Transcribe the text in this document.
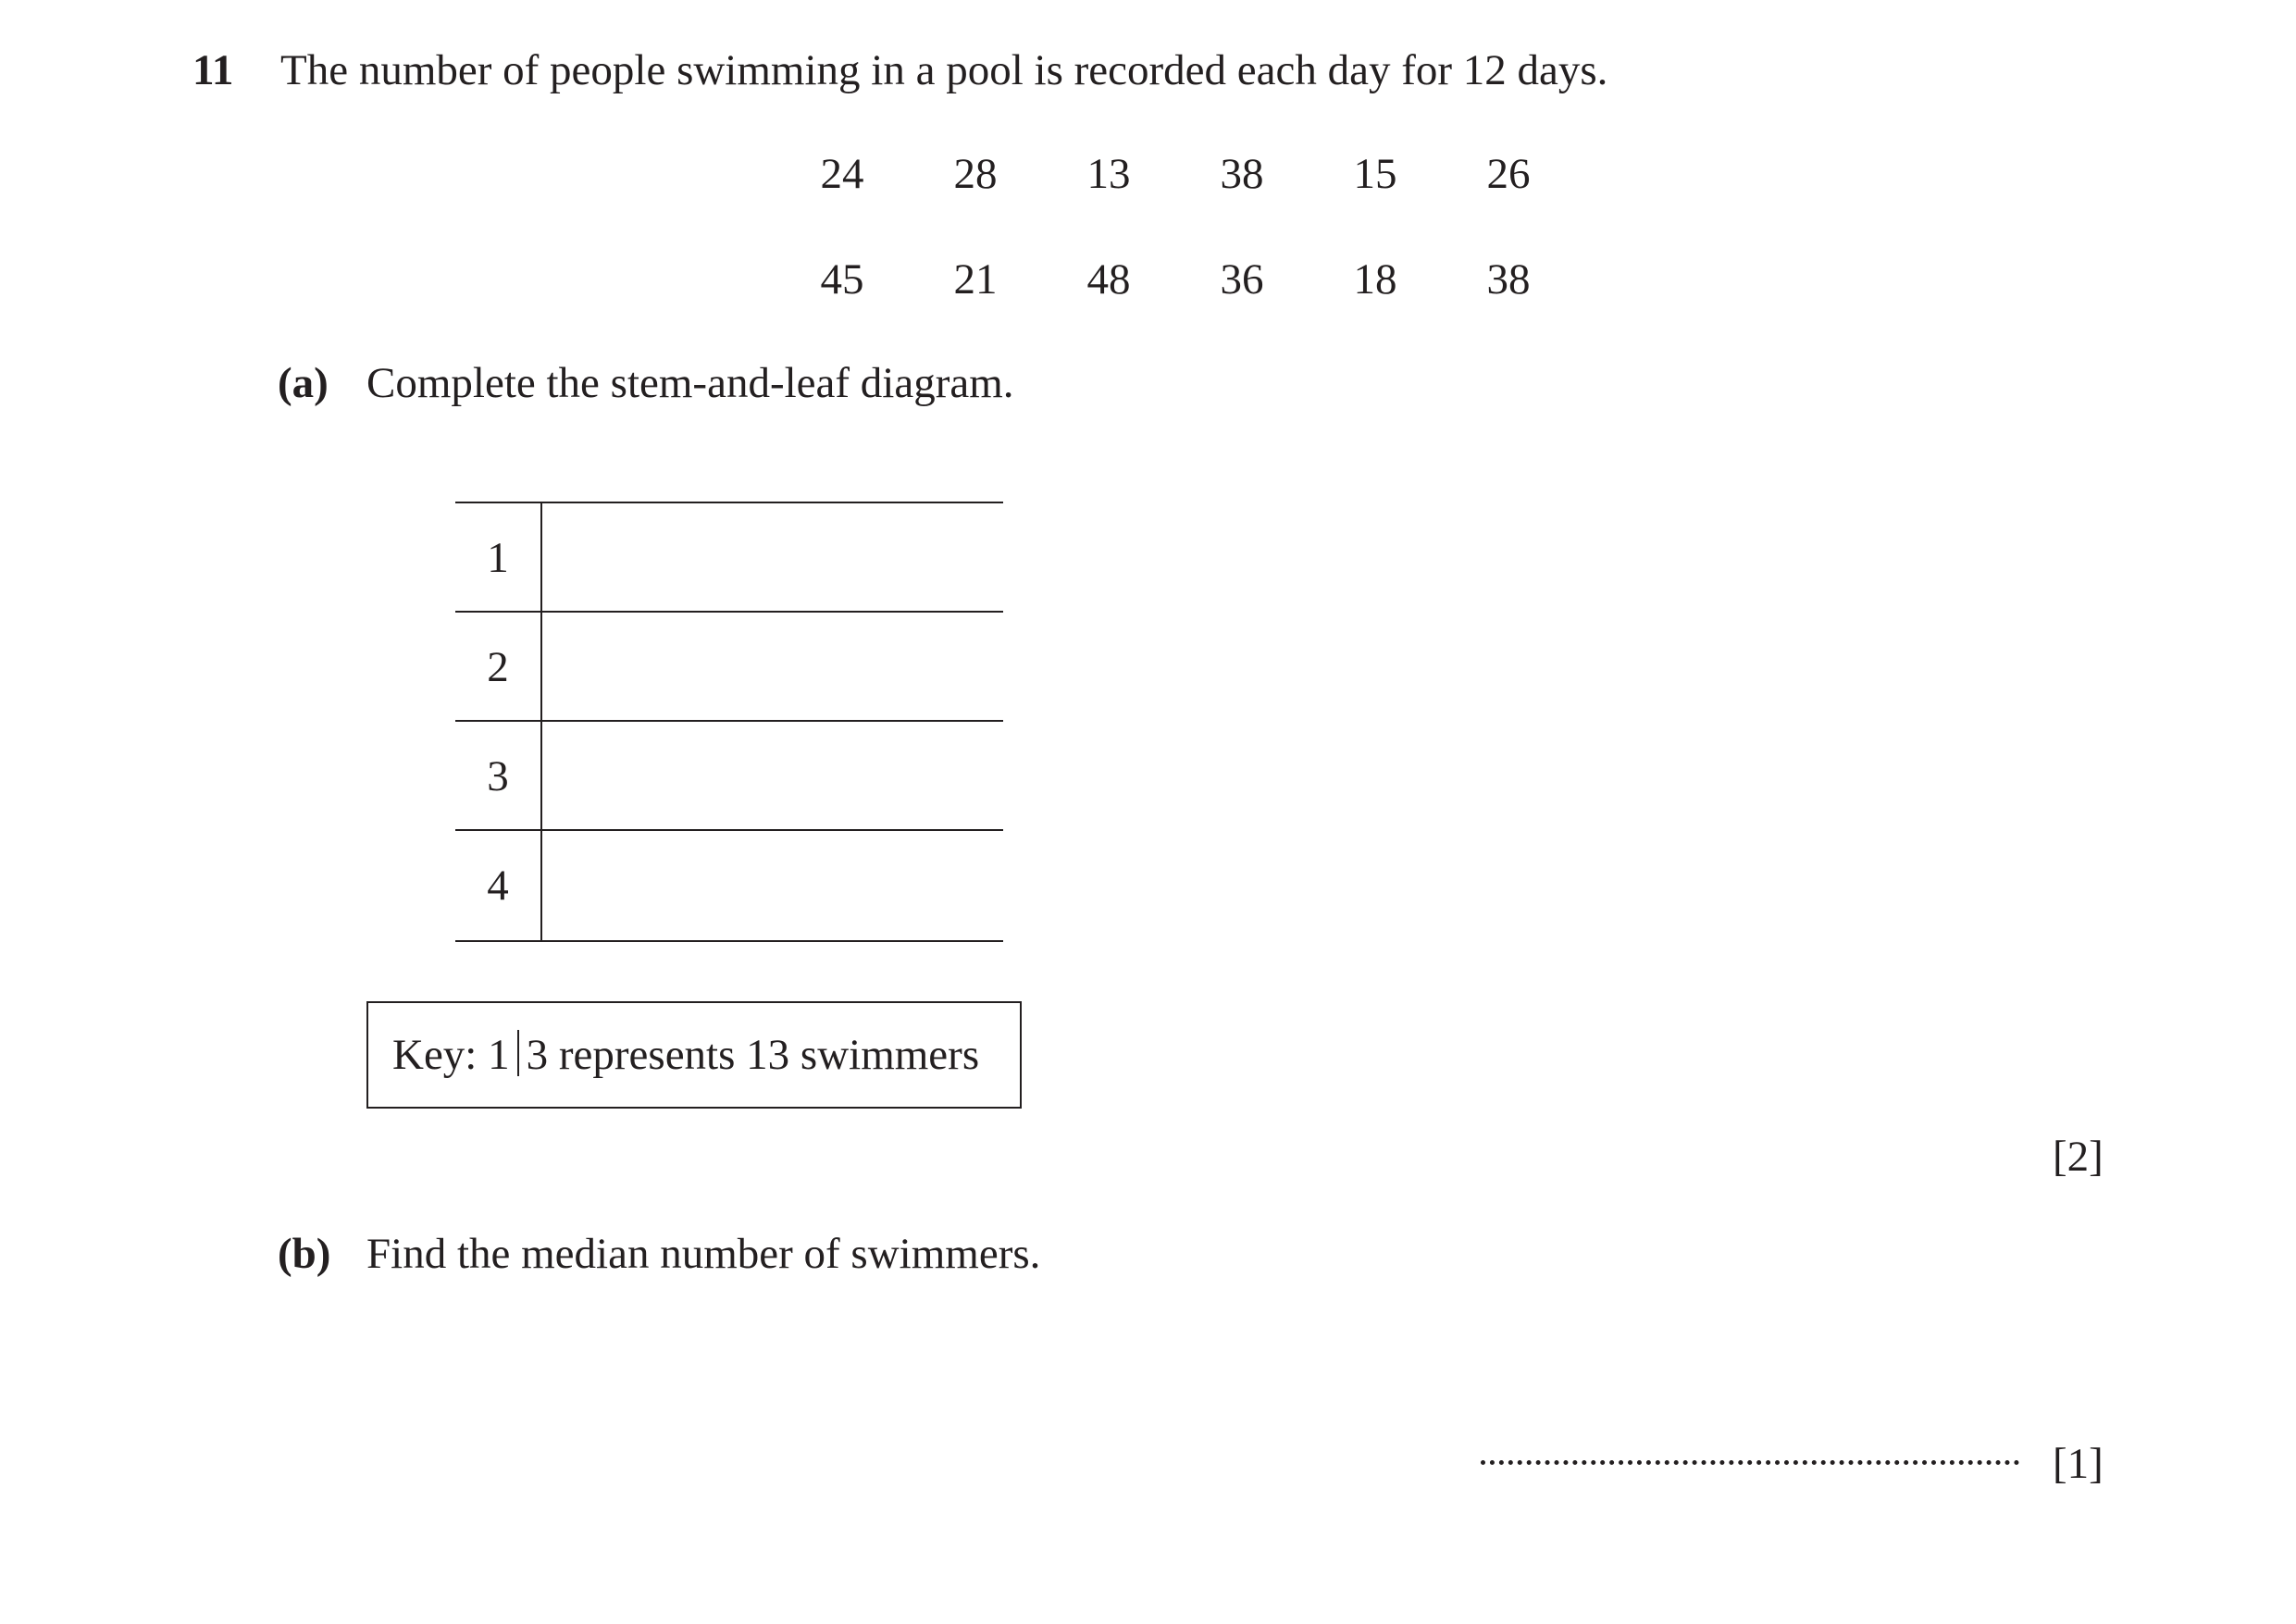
11 The number of people swimming in a pool is recorded each day for 12 days.
24	28	13	38	15	26
45	21	48	36	18	38
(a) Complete the stem-and-leaf diagram.
1
2
3
4
Key: 1 3 represents 13 swimmers
[2]
(b) Find the median number of swimmers.
[1]
